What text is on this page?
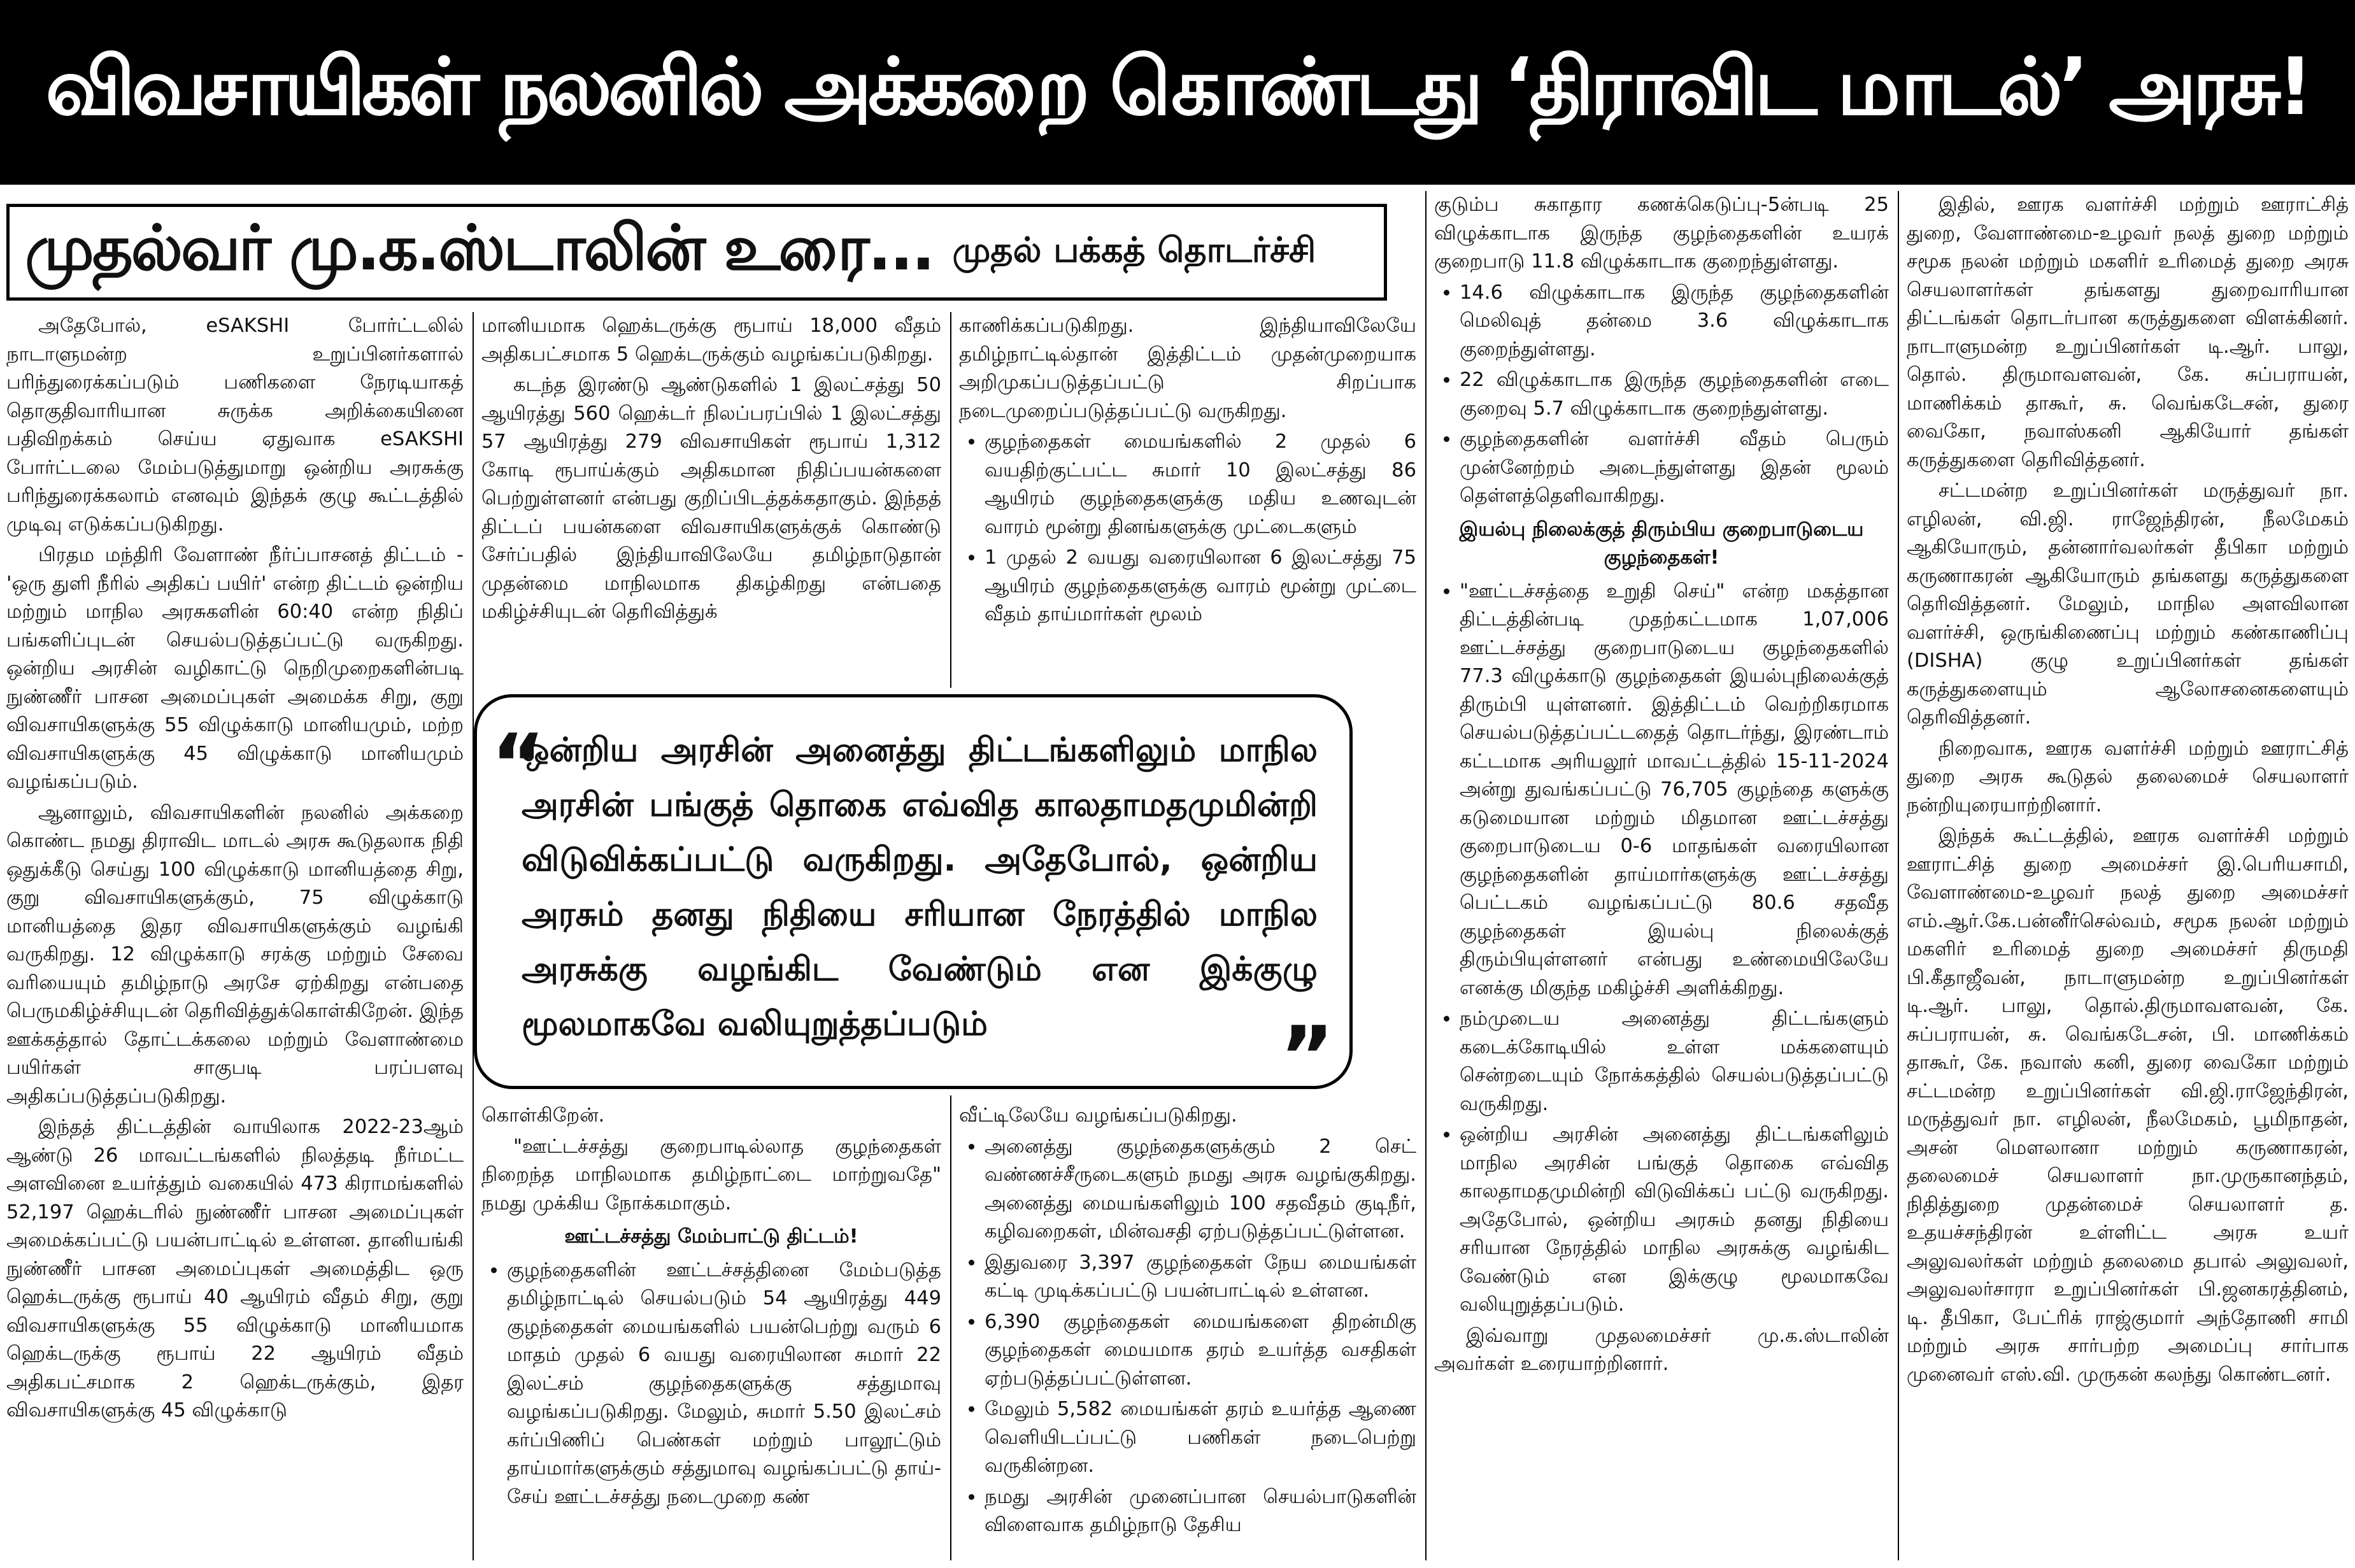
விவசாயிகள் நலனில் அக்கறை கொண்டது ‘திராவிட மாடல்’ அரசு!
முதல்வர் மு.க.ஸ்டாலின் உரை... முதல் பக்கத் தொடர்ச்சி

அதேபோல், eSAKSHI போர்ட்டலில் நாடாளுமன்ற உறுப்பினர்களால் பரிந்துரைக்கப்படும் பணிகளை நேரடியாகத் தொகுதிவாரியான சுருக்க அறிக்கையினை பதிவிறக்கம் செய்ய ஏதுவாக eSAKSHI போர்ட்டலை மேம்படுத்துமாறு ஒன்றிய அரசுக்கு பரிந்துரைக்கலாம் எனவும் இந்தக் குழு கூட்டத்தில் முடிவு எடுக்கப்படுகிறது.

பிரதம மந்திரி வேளாண் நீர்ப்பாசனத் திட்டம் - 'ஒரு துளி நீரில் அதிகப் பயிர்' என்ற திட்டம் ஒன்றிய மற்றும் மாநில அரசுகளின் 60:40 என்ற நிதிப் பங்களிப்புடன் செயல்படுத்தப்பட்டு வருகிறது. ஒன்றிய அரசின் வழிகாட்டு நெறிமுறைகளின்படி நுண்ணீர் பாசன அமைப்புகள் அமைக்க சிறு, குறு விவசாயிகளுக்கு 55 விழுக்காடு மானியமும், மற்ற விவசாயிகளுக்கு 45 விழுக்காடு மானியமும் வழங்கப்படும்.

ஆனாலும், விவசாயிகளின் நலனில் அக்கறை கொண்ட நமது திராவிட மாடல் அரசு கூடுதலாக நிதி ஒதுக்கீடு செய்து 100 விழுக்காடு மானியத்தை சிறு, குறு விவசாயிகளுக்கும், 75 விழுக்காடு மானியத்தை இதர விவசாயிகளுக்கும் வழங்கி வருகிறது. 12 விழுக்காடு சரக்கு மற்றும் சேவை வரியையும் தமிழ்நாடு அரசே ஏற்கிறது என்பதை பெருமகிழ்ச்சியுடன் தெரிவித்துக்கொள்கிறேன். இந்த ஊக்கத்தால் தோட்டக்கலை மற்றும் வேளாண்மை பயிர்கள் சாகுபடி பரப்பளவு அதிகப்படுத்தப்படுகிறது.

இந்தத் திட்டத்தின் வாயிலாக 2022-23ஆம் ஆண்டு 26 மாவட்டங்களில் நிலத்தடி நீர்மட்ட அளவினை உயர்த்தும் வகையில் 473 கிராமங்களில் 52,197 ஹெக்டரில் நுண்ணீர் பாசன அமைப்புகள் அமைக்கப்பட்டு பயன்பாட்டில் உள்ளன. தானியங்கி நுண்ணீர் பாசன அமைப்புகள் அமைத்திட ஒரு ஹெக்டருக்கு ரூபாய் 40 ஆயிரம் வீதம் சிறு, குறு விவசாயிகளுக்கு 55 விழுக்காடு மானியமாக ஹெக்டருக்கு ரூபாய் 22 ஆயிரம் வீதம் அதிகபட்சமாக 2 ஹெக்டருக்கும், இதர விவசாயிகளுக்கு 45 விழுக்காடு

மானியமாக ஹெக்டருக்கு ரூபாய் 18,000 வீதம் அதிகபட்சமாக 5 ஹெக்டருக்கும் வழங்கப்படுகிறது.

கடந்த இரண்டு ஆண்டுகளில் 1 இலட்சத்து 50 ஆயிரத்து 560 ஹெக்டர் நிலப்பரப்பில் 1 இலட்சத்து 57 ஆயிரத்து 279 விவசாயிகள் ரூபாய் 1,312 கோடி ரூபாய்க்கும் அதிகமான நிதிப்பயன்களை பெற்றுள்ளனர் என்பது குறிப்பிடத்தக்கதாகும். இந்தத் திட்டப் பயன்களை விவசாயிகளுக்குக் கொண்டு சேர்ப்பதில் இந்தியாவிலேயே தமிழ்நாடுதான் முதன்மை மாநிலமாக திகழ்கிறது என்பதை மகிழ்ச்சியுடன் தெரிவித்துக்

காணிக்கப்படுகிறது. இந்தியாவிலேயே தமிழ்நாட்டில்தான் இத்திட்டம் முதன்முறையாக அறிமுகப்படுத்தப்பட்டு சிறப்பாக நடைமுறைப்படுத்தப்பட்டு வருகிறது.

• குழந்தைகள் மையங்களில் 2 முதல் 6 வயதிற்குட்பட்ட சுமார் 10 இலட்சத்து 86 ஆயிரம் குழந்தைகளுக்கு மதிய உணவுடன் வாரம் மூன்று தினங்களுக்கு முட்டைகளும்
• 1 முதல் 2 வயது வரையிலான 6 இலட்சத்து 75 ஆயிரம் குழந்தைகளுக்கு வாரம் மூன்று முட்டை வீதம் தாய்மார்கள் மூலம்
“

ஒன்றிய அரசின் அனைத்து திட்டங்களிலும் மாநில அரசின் பங்குத் தொகை எவ்வித காலதாமதமுமின்றி விடுவிக்கப்பட்டு வருகிறது. அதேபோல், ஒன்றிய அரசும் தனது நிதியை சரியான நேரத்தில் மாநில அரசுக்கு வழங்கிட வேண்டும் என இக்குழு மூலமாகவே வலியுறுத்தப்படும்	”

கொள்கிறேன்.

"ஊட்டச்சத்து குறைபாடில்லாத குழந்தைகள் நிறைந்த மாநிலமாக தமிழ்நாட்டை மாற்றுவதே" நமது முக்கிய நோக்கமாகும்.

ஊட்டச்சத்து மேம்பாட்டு திட்டம்!
• குழந்தைகளின் ஊட்டச்சத்தினை மேம்படுத்த தமிழ்நாட்டில் செயல்படும் 54 ஆயிரத்து 449 குழந்தைகள் மையங்களில் பயன்பெற்று வரும் 6 மாதம் முதல் 6 வயது வரையிலான சுமார் 22 இலட்சம் குழந்தைகளுக்கு சத்துமாவு வழங்கப்படுகிறது. மேலும், சுமார் 5.50 இலட்சம் கர்ப்பிணிப் பெண்கள் மற்றும் பாலூட்டும் தாய்மார்களுக்கும் சத்துமாவு வழங்கப்பட்டு தாய்-சேய் ஊட்டச்சத்து நடைமுறை கண்

வீட்டிலேயே வழங்கப்படுகிறது.

• அனைத்து குழந்தைகளுக்கும் 2 செட் வண்ணச்சீருடைகளும் நமது அரசு வழங்குகிறது. அனைத்து மையங்களிலும் 100 சதவீதம் குடிநீர், கழிவறைகள், மின்வசதி ஏற்படுத்தப்பட்டுள்ளன.
• இதுவரை 3,397 குழந்தைகள் நேய மையங்கள் கட்டி முடிக்கப்பட்டு பயன்பாட்டில் உள்ளன.
• 6,390 குழந்தைகள் மையங்களை திறன்மிகு குழந்தைகள் மையமாக தரம் உயர்த்த வசதிகள் ஏற்படுத்தப்பட்டுள்ளன.
• மேலும் 5,582 மையங்கள் தரம் உயர்த்த ஆணை வெளியிடப்பட்டு பணிகள் நடைபெற்று வருகின்றன.
• நமது அரசின் முனைப்பான செயல்பாடுகளின் விளைவாக தமிழ்நாடு தேசிய

குடும்ப சுகாதார கணக்கெடுப்பு-5ன்படி 25 விழுக்காடாக இருந்த குழந்தைகளின் உயரக் குறைபாடு 11.8 விழுக்காடாக குறைந்துள்ளது.

• 14.6 விழுக்காடாக இருந்த குழந்தைகளின் மெலிவுத் தன்மை 3.6 விழுக்காடாக குறைந்துள்ளது.
• 22 விழுக்காடாக இருந்த குழந்தைகளின் எடை குறைவு 5.7 விழுக்காடாக குறைந்துள்ளது.
• குழந்தைகளின் வளர்ச்சி வீதம் பெரும் முன்னேற்றம் அடைந்துள்ளது இதன் மூலம் தெள்ளத்தெளிவாகிறது.
இயல்பு நிலைக்குத் திரும்பிய குறைபாடுடைய குழந்தைகள்!
• "ஊட்டச்சத்தை உறுதி செய்" என்ற மகத்தான திட்டத்தின்படி முதற்கட்டமாக 1,07,006 ஊட்டச்சத்து குறைபாடுடைய குழந்தைகளில் 77.3 விழுக்காடு குழந்தைகள் இயல்புநிலைக்குத் திரும்பி யுள்ளனர். இத்திட்டம் வெற்றிகரமாக செயல்படுத்தப்பட்டதைத் தொடர்ந்து, இரண்டாம் கட்டமாக அரியலூர் மாவட்டத்தில் 15-11-2024 அன்று துவங்கப்பட்டு 76,705 குழந்தை களுக்கு கடுமையான மற்றும் மிதமான ஊட்டச்சத்து குறைபாடுடைய 0-6 மாதங்கள் வரையிலான குழந்தைகளின் தாய்மார்களுக்கு ஊட்டச்சத்து பெட்டகம் வழங்கப்பட்டு 80.6 சதவீத குழந்தைகள் இயல்பு நிலைக்குத் திரும்பியுள்ளனர் என்பது உண்மையிலேயே எனக்கு மிகுந்த மகிழ்ச்சி அளிக்கிறது.
• நம்முடைய அனைத்து திட்டங்களும் கடைக்கோடியில் உள்ள மக்களையும் சென்றடையும் நோக்கத்தில் செயல்படுத்தப்பட்டு வருகிறது.
• ஒன்றிய அரசின் அனைத்து திட்டங்களிலும் மாநில அரசின் பங்குத் தொகை எவ்வித காலதாமதமுமின்றி விடுவிக்கப் பட்டு வருகிறது. அதேபோல், ஒன்றிய அரசும் தனது நிதியை சரியான நேரத்தில் மாநில அரசுக்கு வழங்கிட வேண்டும் என இக்குழு மூலமாகவே வலியுறுத்தப்படும்.

இவ்வாறு முதலமைச்சர் மு.க.ஸ்டாலின் அவர்கள் உரையாற்றினார்.

இதில், ஊரக வளர்ச்சி மற்றும் ஊராட்சித் துறை, வேளாண்மை-உழவர் நலத் துறை மற்றும் சமூக நலன் மற்றும் மகளிர் உரிமைத் துறை அரசு செயலாளர்கள் தங்களது துறைவாரியான திட்டங்கள் தொடர்பான கருத்துகளை விளக்கினர். நாடாளுமன்ற உறுப்பினர்கள் டி.ஆர். பாலு, தொல். திருமாவளவன், கே. சுப்பராயன், மாணிக்கம் தாகூர், சு. வெங்கடேசன், துரை வைகோ, நவாஸ்கனி ஆகியோர் தங்கள் கருத்துகளை தெரிவித்தனர்.

சட்டமன்ற உறுப்பினர்கள் மருத்துவர் நா. எழிலன், வி.ஜி. ராஜேந்திரன், நீலமேகம் ஆகியோரும், தன்னார்வலர்கள் தீபிகா மற்றும் கருணாகரன் ஆகியோரும் தங்களது கருத்துகளை தெரிவித்தனர். மேலும், மாநில அளவிலான வளர்ச்சி, ஒருங்கிணைப்பு மற்றும் கண்காணிப்பு (DISHA) குழு உறுப்பினர்கள் தங்கள் கருத்துகளையும் ஆலோசனைகளையும் தெரிவித்தனர்.

நிறைவாக, ஊரக வளர்ச்சி மற்றும் ஊராட்சித் துறை அரசு கூடுதல் தலைமைச் செயலாளர் நன்றியுரையாற்றினார்.

இந்தக் கூட்டத்தில், ஊரக வளர்ச்சி மற்றும் ஊராட்சித் துறை அமைச்சர் இ.பெரியசாமி, வேளாண்மை-உழவர் நலத் துறை அமைச்சர் எம்.ஆர்.கே.பன்னீர்செல்வம், சமூக நலன் மற்றும் மகளிர் உரிமைத் துறை அமைச்சர் திருமதி பி.கீதாஜீவன், நாடாளுமன்ற உறுப்பினர்கள் டி.ஆர். பாலு, தொல்.திருமாவளவன், கே. சுப்பராயன், சு. வெங்கடேசன், பி. மாணிக்கம் தாகூர், கே. நவாஸ் கனி, துரை வைகோ மற்றும் சட்டமன்ற உறுப்பினர்கள் வி.ஜி.ராஜேந்திரன், மருத்துவர் நா. எழிலன், நீலமேகம், பூமிநாதன், அசன் மௌலானா மற்றும் கருணாகரன், தலைமைச் செயலாளர் நா.முருகானந்தம், நிதித்துறை முதன்மைச் செயலாளர் த. உதயச்சந்திரன் உள்ளிட்ட அரசு உயர் அலுவலர்கள் மற்றும் தலைமை தபால் அலுவலர், அலுவலர்சாரா உறுப்பினர்கள் பி.ஜனகரத்தினம், டி. தீபிகா, பேட்ரிக் ராஜ்குமார் அந்தோணி சாமி மற்றும் அரசு சார்பற்ற அமைப்பு சார்பாக முனைவர் எஸ்.வி. முருகன் கலந்து கொண்டனர்.
